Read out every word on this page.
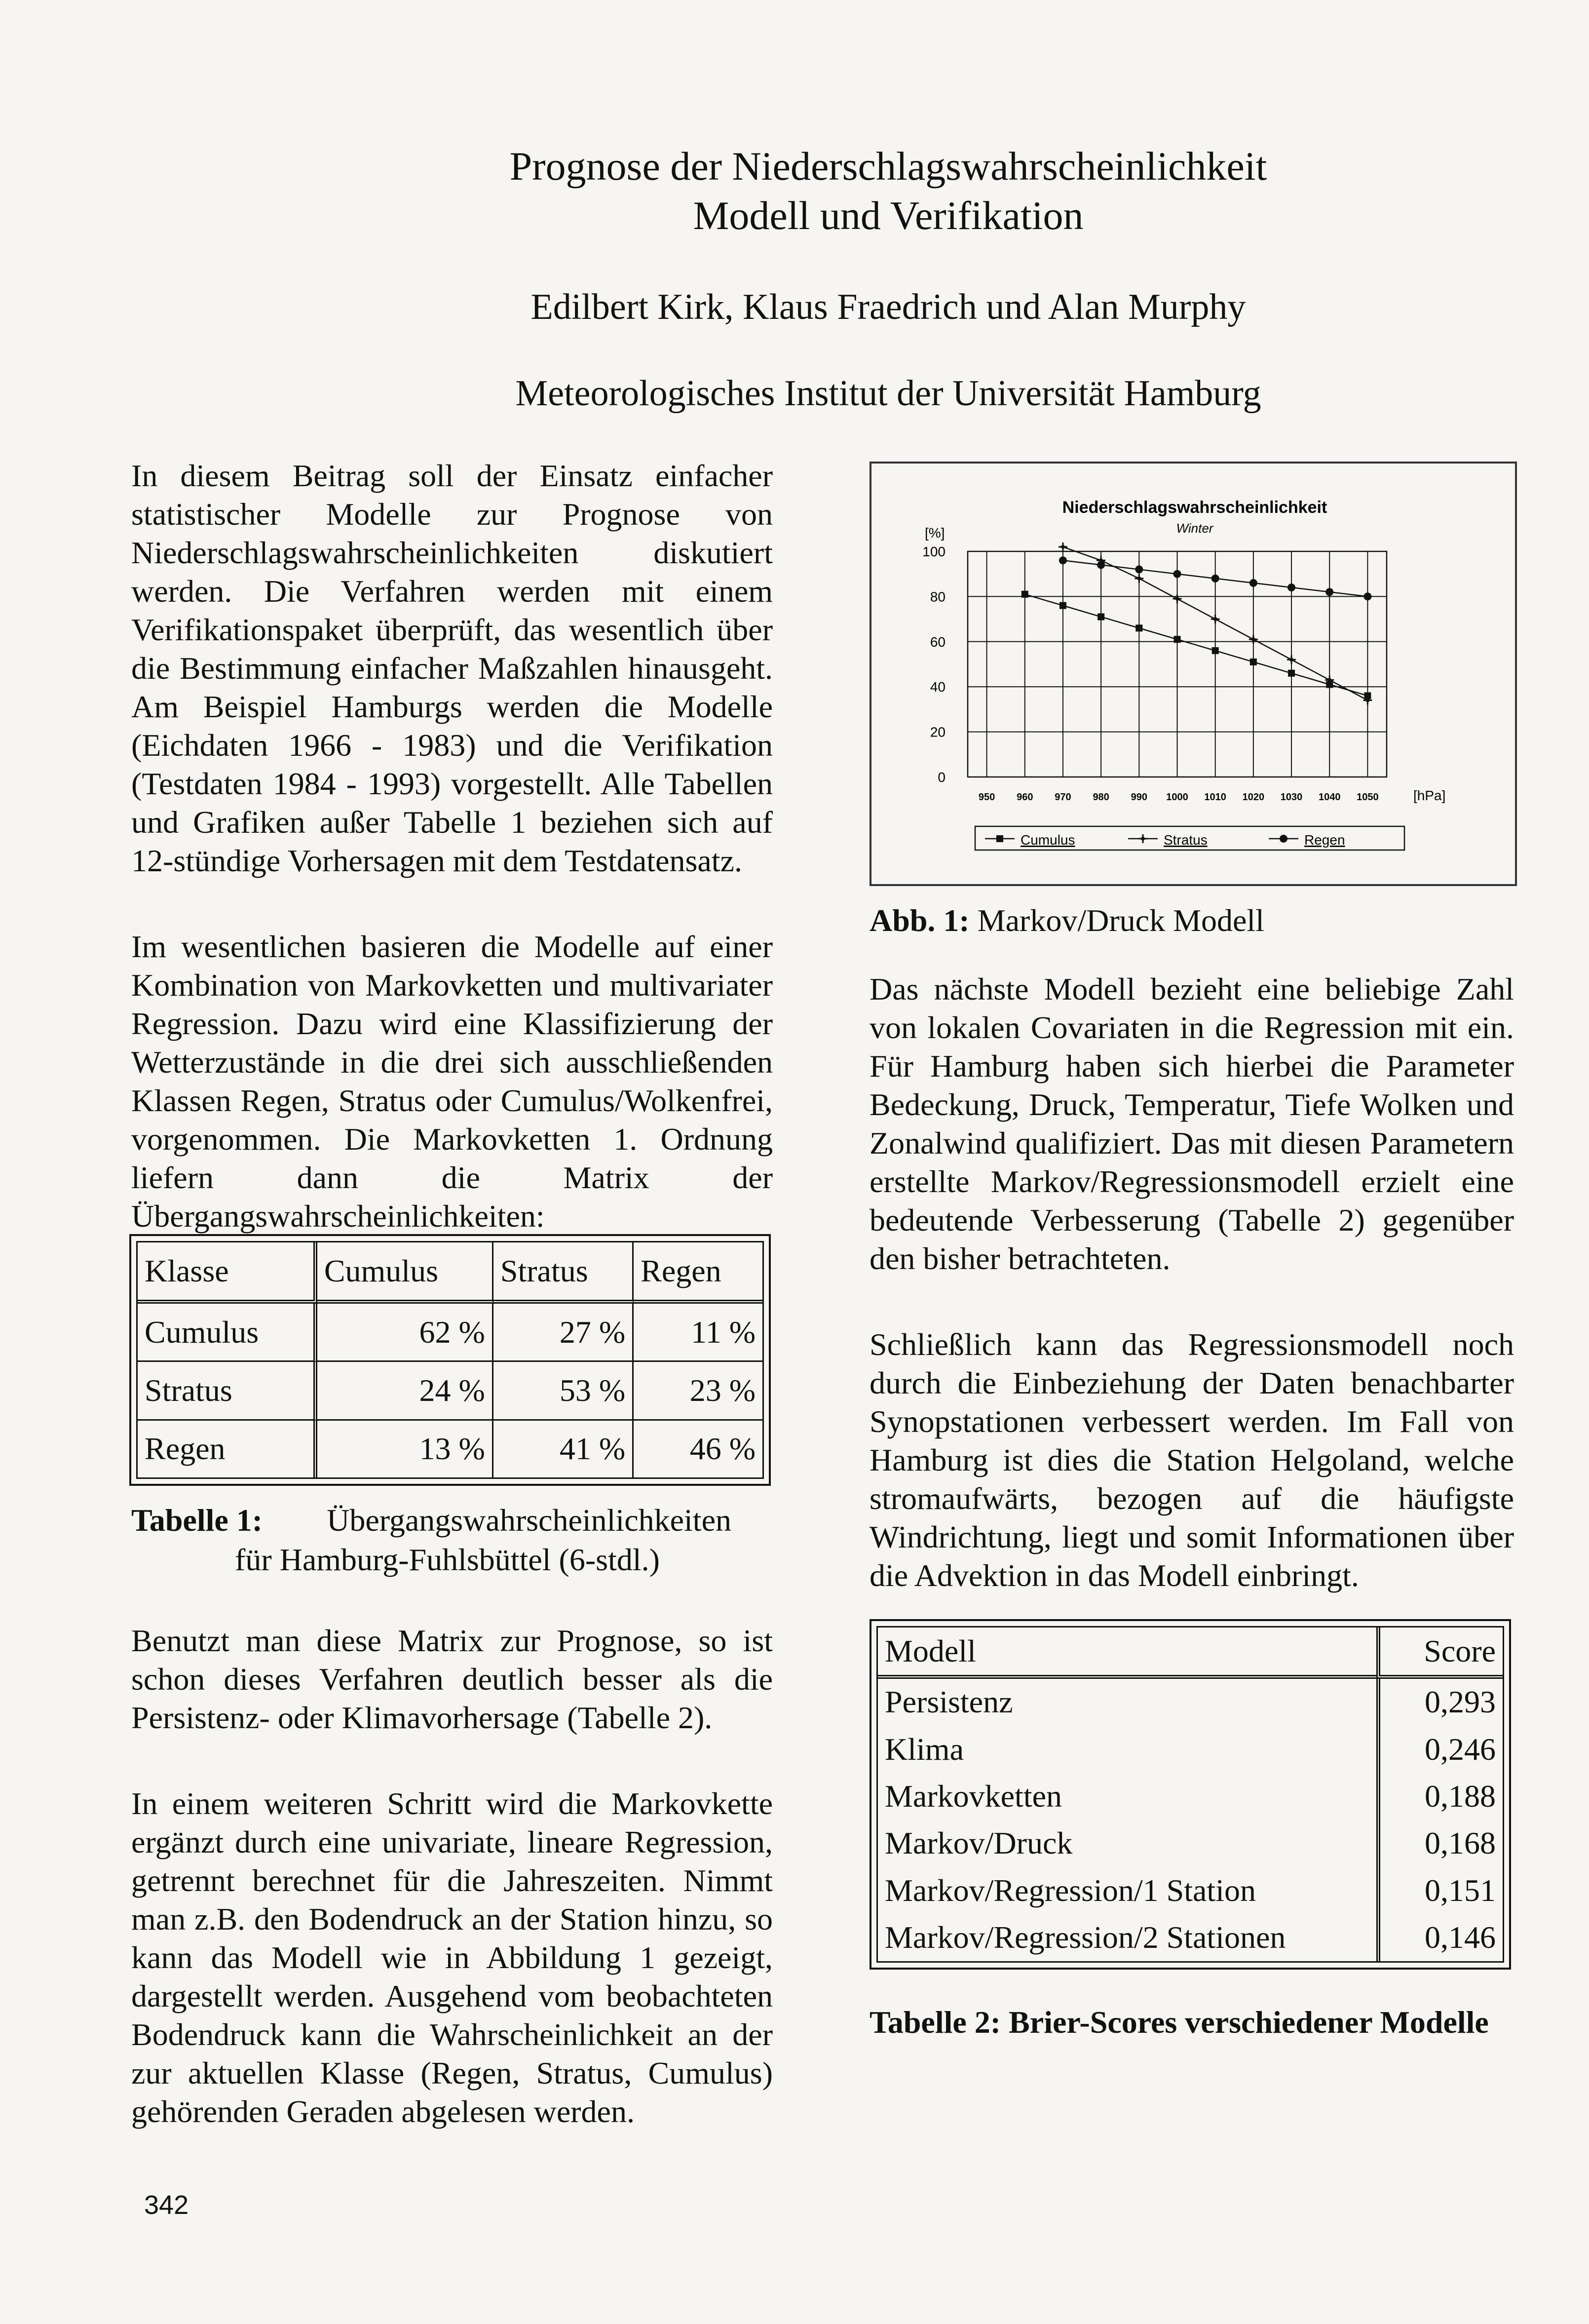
Prognose der Niederschlagswahrscheinlichkeit
Modell und Verifikation
Edilbert Kirk, Klaus Fraedrich und Alan Murphy
Meteorologisches Institut der Universität Hamburg

In diesem Beitrag soll der Einsatz einfacher statistischer Modelle zur Prognose von Niederschlagswahrscheinlichkeiten diskutiert werden. Die Verfahren werden mit einem Verifikationspaket überprüft, das wesentlich über die Bestimmung einfacher Maßzahlen hinausgeht. Am Beispiel Hamburgs werden die Modelle (Eichdaten 1966 - 1983) und die Verifikation (Testdaten 1984 - 1993) vorgestellt. Alle Tabellen und Grafiken außer Tabelle 1 beziehen sich auf 12-stündige Vorhersagen mit dem Testdatensatz.

Im wesentlichen basieren die Modelle auf einer Kombination von Markovketten und multivariater Regression. Dazu wird eine Klassifizierung der Wetterzustände in die drei sich ausschließenden Klassen Regen, Stratus oder Cumulus/Wolkenfrei, vorgenommen. Die Markovketten 1. Ordnung liefern dann die Matrix der Übergangswahrscheinlichkeiten:

Klasse	Cumulus	Stratus	Regen
Cumulus	62 %	27 %	11 %
Stratus	24 %	53 %	23 %
Regen	13 %	41 %	46 %
Tabelle 1: Übergangswahrscheinlichkeiten
für Hamburg-Fuhlsbüttel (6-stdl.)

Benutzt man diese Matrix zur Prognose, so ist schon dieses Verfahren deutlich besser als die Persistenz- oder Klimavorhersage (Tabelle 2).

In einem weiteren Schritt wird die Markovkette ergänzt durch eine univariate, lineare Regression, getrennt berechnet für die Jahreszeiten. Nimmt man z.B. den Bodendruck an der Station hinzu, so kann das Modell wie in Abbildung 1 gezeigt, dargestellt werden. Ausgehend vom beobachteten Bodendruck kann die Wahrscheinlichkeit an der zur aktuellen Klasse (Regen, Stratus, Cumulus) gehörenden Geraden abgelesen werden.

Niederschlagswahrscheinlichkeit
Winter
[%]
[hPa]
0
20
40
60
80
100
950 960 970 980 990 1000 1010 1020 1030 1040 1050
Cumulus	Stratus	Regen
Abb. 1: Markov/Druck Modell

Das nächste Modell bezieht eine beliebige Zahl von lokalen Covariaten in die Regression mit ein. Für Hamburg haben sich hierbei die Parameter Bedeckung, Druck, Temperatur, Tiefe Wolken und Zonalwind qualifiziert. Das mit diesen Parametern erstellte Markov/Regressionsmodell erzielt eine bedeutende Verbesserung (Tabelle 2) gegenüber den bisher betrachteten.

Schließlich kann das Regressionsmodell noch durch die Einbeziehung der Daten benachbarter Synopstationen verbessert werden. Im Fall von Hamburg ist dies die Station Helgoland, welche stromaufwärts, bezogen auf die häufigste Windrichtung, liegt und somit Informationen über die Advektion in das Modell einbringt.

Modell	Score
Persistenz	0,293
Klima	0,246
Markovketten	0,188
Markov/Druck	0,168
Markov/Regression/1 Station	0,151
Markov/Regression/2 Stationen	0,146
Tabelle 2: Brier-Scores verschiedener Modelle
342
